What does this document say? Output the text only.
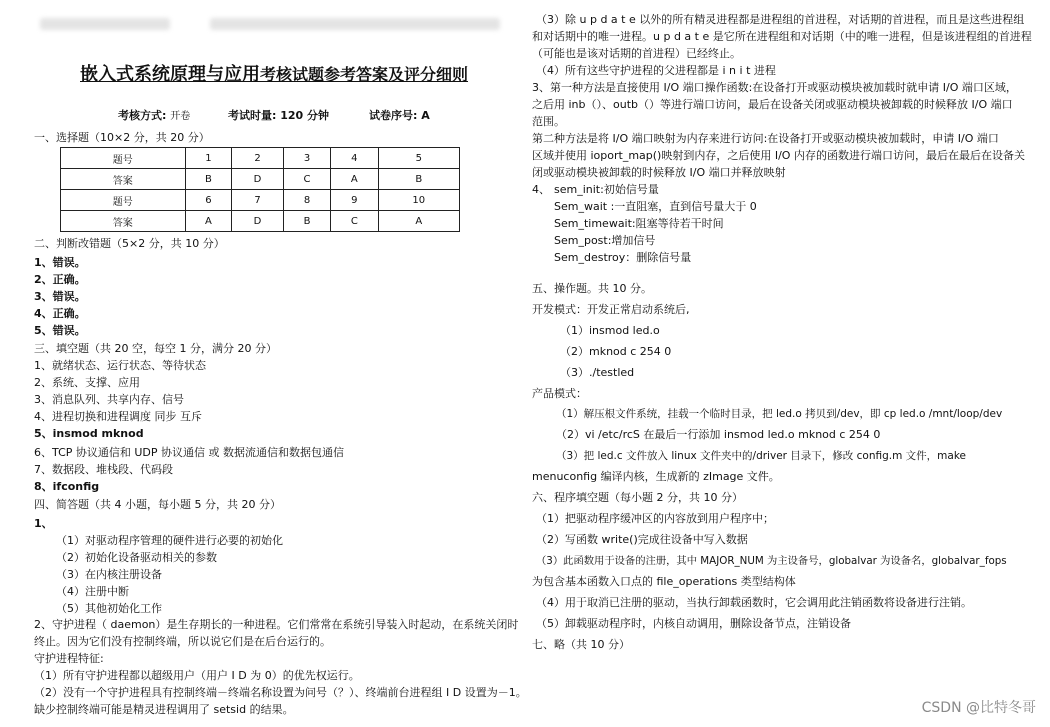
嵌入式系统原理与应用考核试题参考答案及评分细则
考核方式: 开卷	考试时量: 120 分钟	试卷序号: A
一、选择题（10×2 分，共 20 分）
题号	1	2	3	4	5
答案	B	D	C	A	B
题号	6	7	8	9	10
答案	A	D	B	C	A
二、判断改错题（5×2 分，共 10 分）
1、错误。
2、正确。
3、错误。
4、正确。
5、错误。
三、填空题（共 20 空，每空 1 分，满分 20 分）
1、就绪状态、运行状态、等待状态
2、系统、支撑、应用
3、消息队列、共享内存、信号
4、进程切换和进程调度 同步 互斥
5、insmod mknod
6、TCP 协议通信和 UDP 协议通信 或 数据流通信和数据包通信
7、数据段、堆栈段、代码段
8、ifconfig
四、简答题（共 4 小题，每小题 5 分，共 20 分）
1、
（1）对驱动程序管理的硬件进行必要的初始化
（2）初始化设备驱动相关的参数
（3）在内核注册设备
（4）注册中断
（5）其他初始化工作
2、守护进程（ daemon）是生存期长的一种进程。它们常常在系统引导装入时起动，在系统关闭时
终止。因为它们没有控制终端，所以说它们是在后台运行的。
守护进程特征:
（1）所有守护进程都以超级用户（用户 I D 为 0）的优先权运行。
（2）没有一个守护进程具有控制终端－终端名称设置为问号（？）、终端前台进程组 I D 设置为－1。
缺少控制终端可能是精灵进程调用了 setsid 的结果。
（3）除 u p d a t e 以外的所有精灵进程都是进程组的首进程，对话期的首进程，而且是这些进程组
和对话期中的唯一进程。u p d a t e 是它所在进程组和对话期（中的唯一进程，但是该进程组的首进程
（可能也是该对话期的首进程）已经终止。
（4）所有这些守护进程的父进程都是 i n i t 进程
3、第一种方法是直接使用 I/O 端口操作函数:在设备打开或驱动模块被加载时就申请 I/O 端口区域，
之后用 inb（）、outb（）等进行端口访问，最后在设备关闭或驱动模块被卸载的时候释放 I/O 端口
范围。
第二种方法是将 I/O 端口映射为内存来进行访问:在设备打开或驱动模块被加载时，申请 I/O 端口
区域并使用 ioport_map()映射到内存，之后使用 I/O 内存的函数进行端口访问，最后在最后在设备关
闭或驱动模块被卸载的时候释放 I/O 端口并释放映射
4、 sem_init:初始信号量
Sem_wait :一直阻塞，直到信号量大于 0
Sem_timewait:阻塞等待若干时间
Sem_post:增加信号
Sem_destroy：删除信号量
五、操作题。共 10 分。
开发模式：开发正常启动系统后,
（1）insmod led.o
（2）mknod c 254 0
（3）./testled
产品模式：
（1）解压根文件系统，挂载一个临时目录，把 led.o 拷贝到/dev，即 cp led.o /mnt/loop/dev
（2）vi /etc/rcS 在最后一行添加 insmod led.o mknod c 254 0
（3）把 led.c 文件放入 linux 文件夹中的/driver 目录下，修改 config.m 文件，make
menuconfig 编译内核，生成新的 zImage 文件。
六、程序填空题（每小题 2 分，共 10 分）
（1）把驱动程序缓冲区的内容放到用户程序中；
（2）写函数 write()完成往设备中写入数据
（3）此函数用于设备的注册，其中 MAJOR_NUM 为主设备号，globalvar 为设备名，globalvar_fops
为包含基本函数入口点的 file_operations 类型结构体
（4）用于取消已注册的驱动，当执行卸载函数时，它会调用此注销函数将设备进行注销。
（5）卸载驱动程序时，内核自动调用，删除设备节点，注销设备
七、略（共 10 分）
CSDN @比特冬哥
